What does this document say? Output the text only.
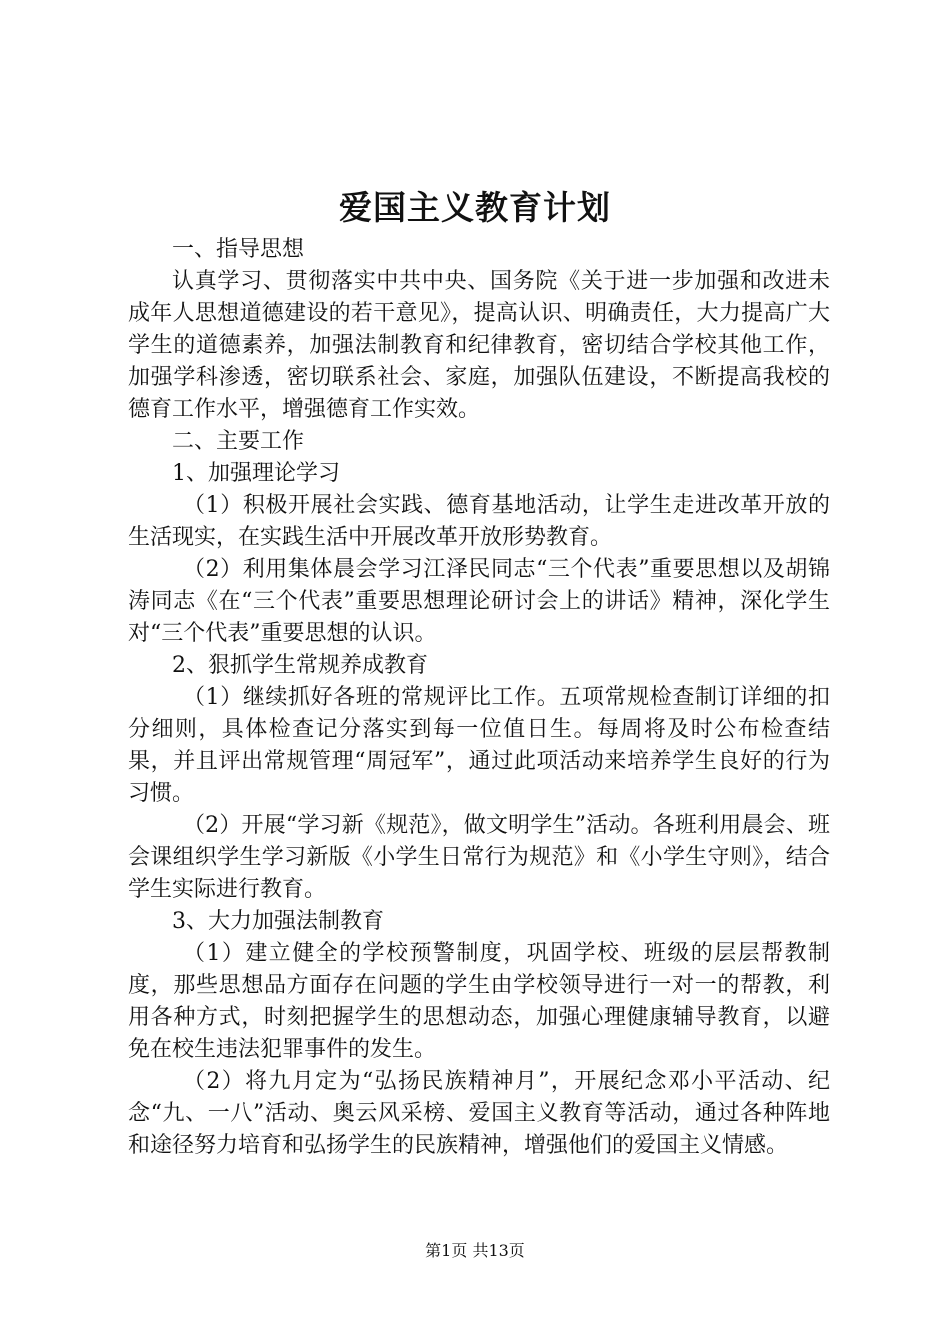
爱国主义教育计划

一、指导思想

认真学习、贯彻落实中共中央、国务院《关于进一步加强和改进未成年人思想道德建设的若干意见》，提高认识、明确责任，大力提高广大学生的道德素养，加强法制教育和纪律教育，密切结合学校其他工作，加强学科渗透，密切联系社会、家庭，加强队伍建设，不断提高我校的德育工作水平，增强德育工作实效。

二、主要工作

1、加强理论学习

（1）积极开展社会实践、德育基地活动，让学生走进改革开放的生活现实，在实践生活中开展改革开放形势教育。

（2）利用集体晨会学习江泽民同志“三个代表”重要思想以及胡锦涛同志《在“三个代表”重要思想理论研讨会上的讲话》精神，深化学生对“三个代表”重要思想的认识。

2、狠抓学生常规养成教育

（1）继续抓好各班的常规评比工作。五项常规检查制订详细的扣分细则，具体检查记分落实到每一位值日生。每周将及时公布检查结果，并且评出常规管理“周冠军”，通过此项活动来培养学生良好的行为习惯。

（2）开展“学习新《规范》，做文明学生”活动。各班利用晨会、班会课组织学生学习新版《小学生日常行为规范》和《小学生守则》，结合学生实际进行教育。

3、大力加强法制教育

（1）建立健全的学校预警制度，巩固学校、班级的层层帮教制度，那些思想品方面存在问题的学生由学校领导进行一对一的帮教，利用各种方式，时刻把握学生的思想动态，加强心理健康辅导教育，以避免在校生违法犯罪事件的发生。

（2）将九月定为“弘扬民族精神月”，开展纪念邓小平活动、纪念“九、一八”活动、奥云风采榜、爱国主义教育等活动，通过各种阵地和途径努力培育和弘扬学生的民族精神，增强他们的爱国主义情感。

第1页 共13页
